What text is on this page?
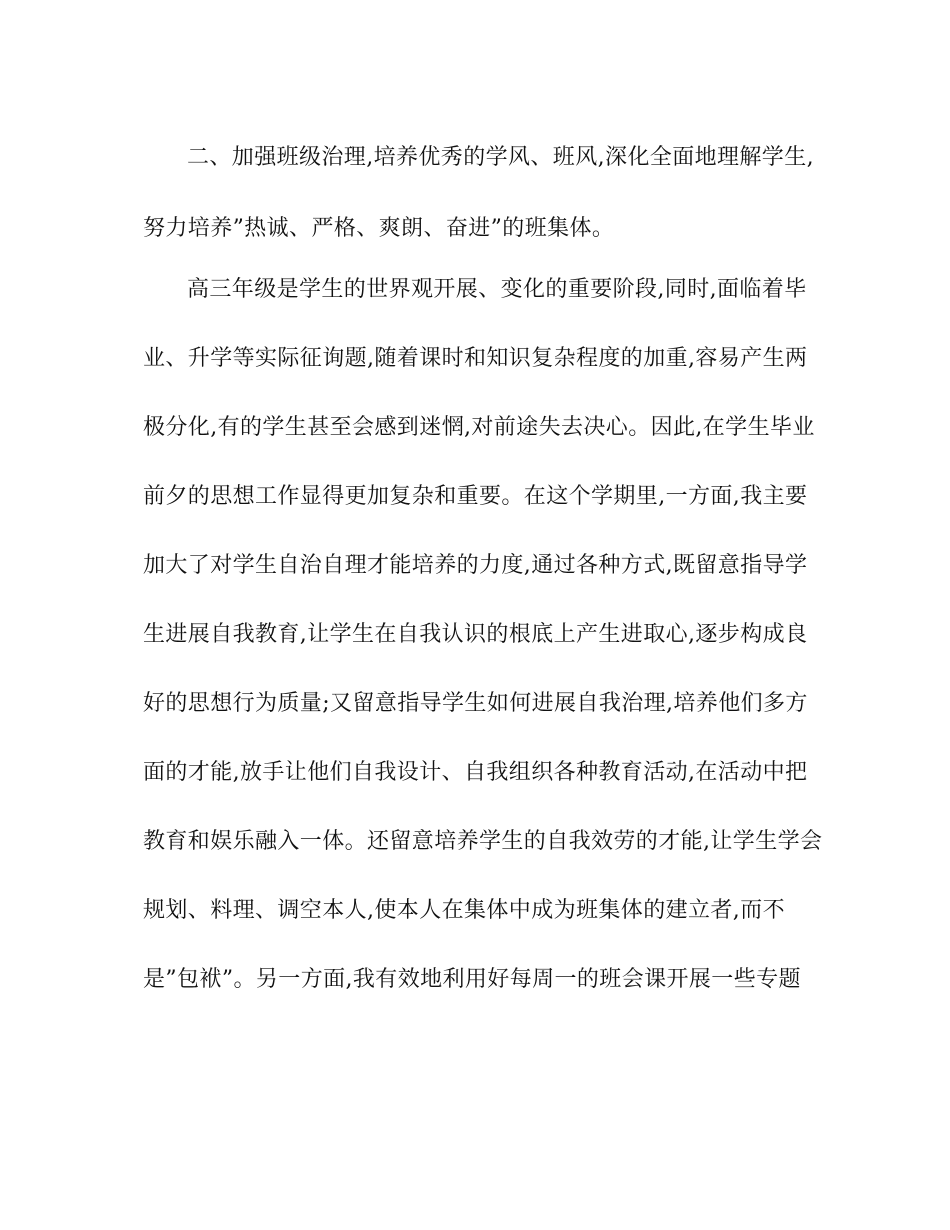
二、加强班级治理,培养优秀的学风、班风,深化全面地理解学生,
努力培养”热诚、严格、爽朗、奋进”的班集体。
高三年级是学生的世界观开展、变化的重要阶段,同时,面临着毕
业、升学等实际征询题,随着课时和知识复杂程度的加重,容易产生两
极分化,有的学生甚至会感到迷惘,对前途失去决心。因此,在学生毕业
前夕的思想工作显得更加复杂和重要。在这个学期里,一方面,我主要
加大了对学生自治自理才能培养的力度,通过各种方式,既留意指导学
生进展自我教育,让学生在自我认识的根底上产生进取心,逐步构成良
好的思想行为质量;又留意指导学生如何进展自我治理,培养他们多方
面的才能,放手让他们自我设计、自我组织各种教育活动,在活动中把
教育和娱乐融入一体。还留意培养学生的自我效劳的才能,让学生学会
规划、料理、调空本人,使本人在集体中成为班集体的建立者,而不
是”包袱”。另一方面,我有效地利用好每周一的班会课开展一些专题
